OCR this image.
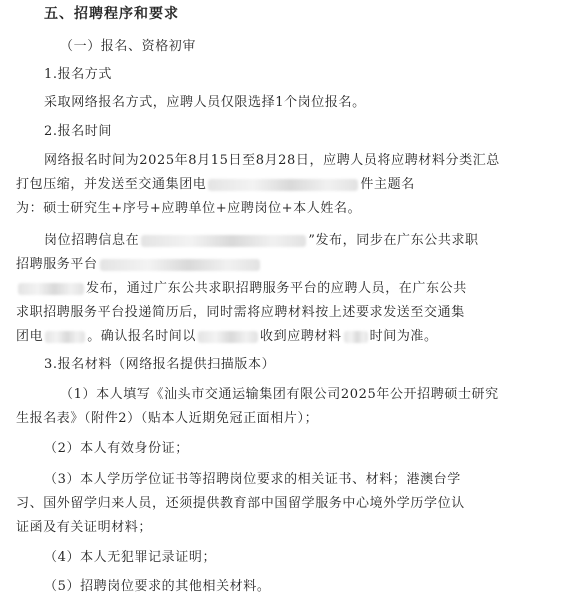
五、招聘程序和要求
（一）报名、资格初审
1.报名方式
采取网络报名方式，应聘人员仅限选择1个岗位报名。
2.报名时间
网络报名时间为2025年8月15日至8月28日，应聘人员将应聘材料分类汇总
打包压缩，并发送至交通集团电	件主题名
为：硕士研究生+序号+应聘单位+应聘岗位+本人姓名。
岗位招聘信息在	”发布，同步在广东公共求职
招聘服务平台
发布，通过广东公共求职招聘服务平台的应聘人员，在广东公共
求职招聘服务平台投递简历后，同时需将应聘材料按上述要求发送至交通集
团电	。确认报名时间以	收到应聘材料 时间为准。
3.报名材料（网络报名提供扫描版本）
（1）本人填写《汕头市交通运输集团有限公司2025年公开招聘硕士研究
生报名表》（附件2）（贴本人近期免冠正面相片）；
（2）本人有效身份证；
（3）本人学历学位证书等招聘岗位要求的相关证书、材料；港澳台学
习、国外留学归来人员，还须提供教育部中国留学服务中心境外学历学位认
证函及有关证明材料；
（4）本人无犯罪记录证明；
（5）招聘岗位要求的其他相关材料。
